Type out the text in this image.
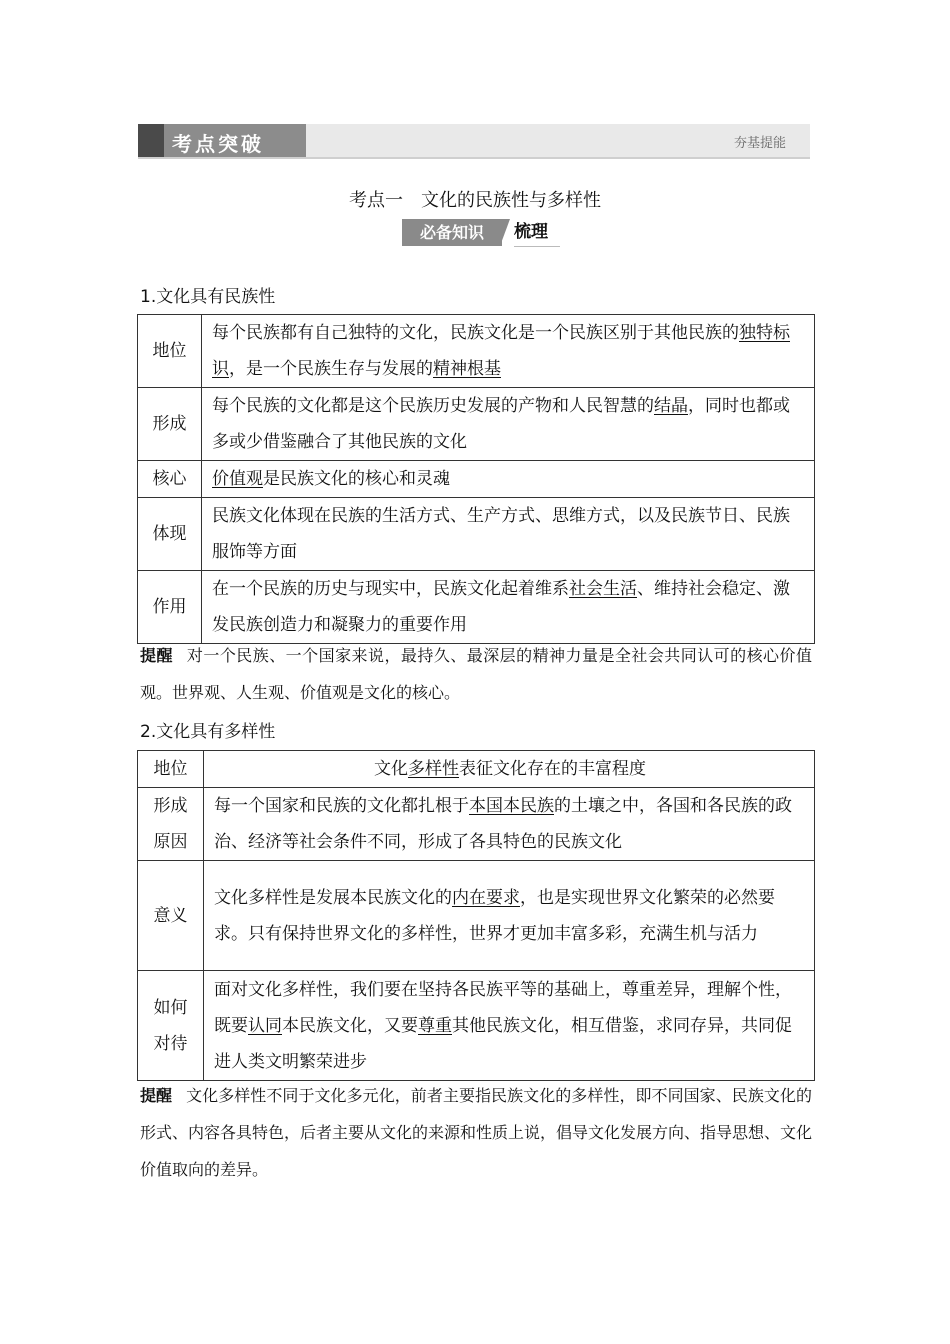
考点突破	夯基提能
考点一　文化的民族性与多样性
必备知识	梳理
1.文化具有民族性
地位	每个民族都有自己独特的文化，民族文化是一个民族区别于其他民族的独特标识，是一个民族生存与发展的精神根基
形成	每个民族的文化都是这个民族历史发展的产物和人民智慧的结晶，同时也都或多或少借鉴融合了其他民族的文化
核心	价值观是民族文化的核心和灵魂
体现	民族文化体现在民族的生活方式、生产方式、思维方式，以及民族节日、民族服饰等方面
作用	在一个民族的历史与现实中，民族文化起着维系社会生活、维持社会稳定、激发民族创造力和凝聚力的重要作用
提醒 对一个民族、一个国家来说，最持久、最深层的精神力量是全社会共同认可的核心价值观。世界观、人生观、价值观是文化的核心。
2.文化具有多样性
地位	文化多样性表征文化存在的丰富程度
形成原因	每一个国家和民族的文化都扎根于本国本民族的土壤之中，各国和各民族的政治、经济等社会条件不同，形成了各具特色的民族文化
意义	文化多样性是发展本民族文化的内在要求，也是实现世界文化繁荣的必然要求。只有保持世界文化的多样性，世界才更加丰富多彩，充满生机与活力
如何对待	面对文化多样性，我们要在坚持各民族平等的基础上，尊重差异，理解个性，既要认同本民族文化，又要尊重其他民族文化，相互借鉴，求同存异，共同促进人类文明繁荣进步
提醒 文化多样性不同于文化多元化，前者主要指民族文化的多样性，即不同国家、民族文化的形式、内容各具特色，后者主要从文化的来源和性质上说，倡导文化发展方向、指导思想、文化价值取向的差异。
